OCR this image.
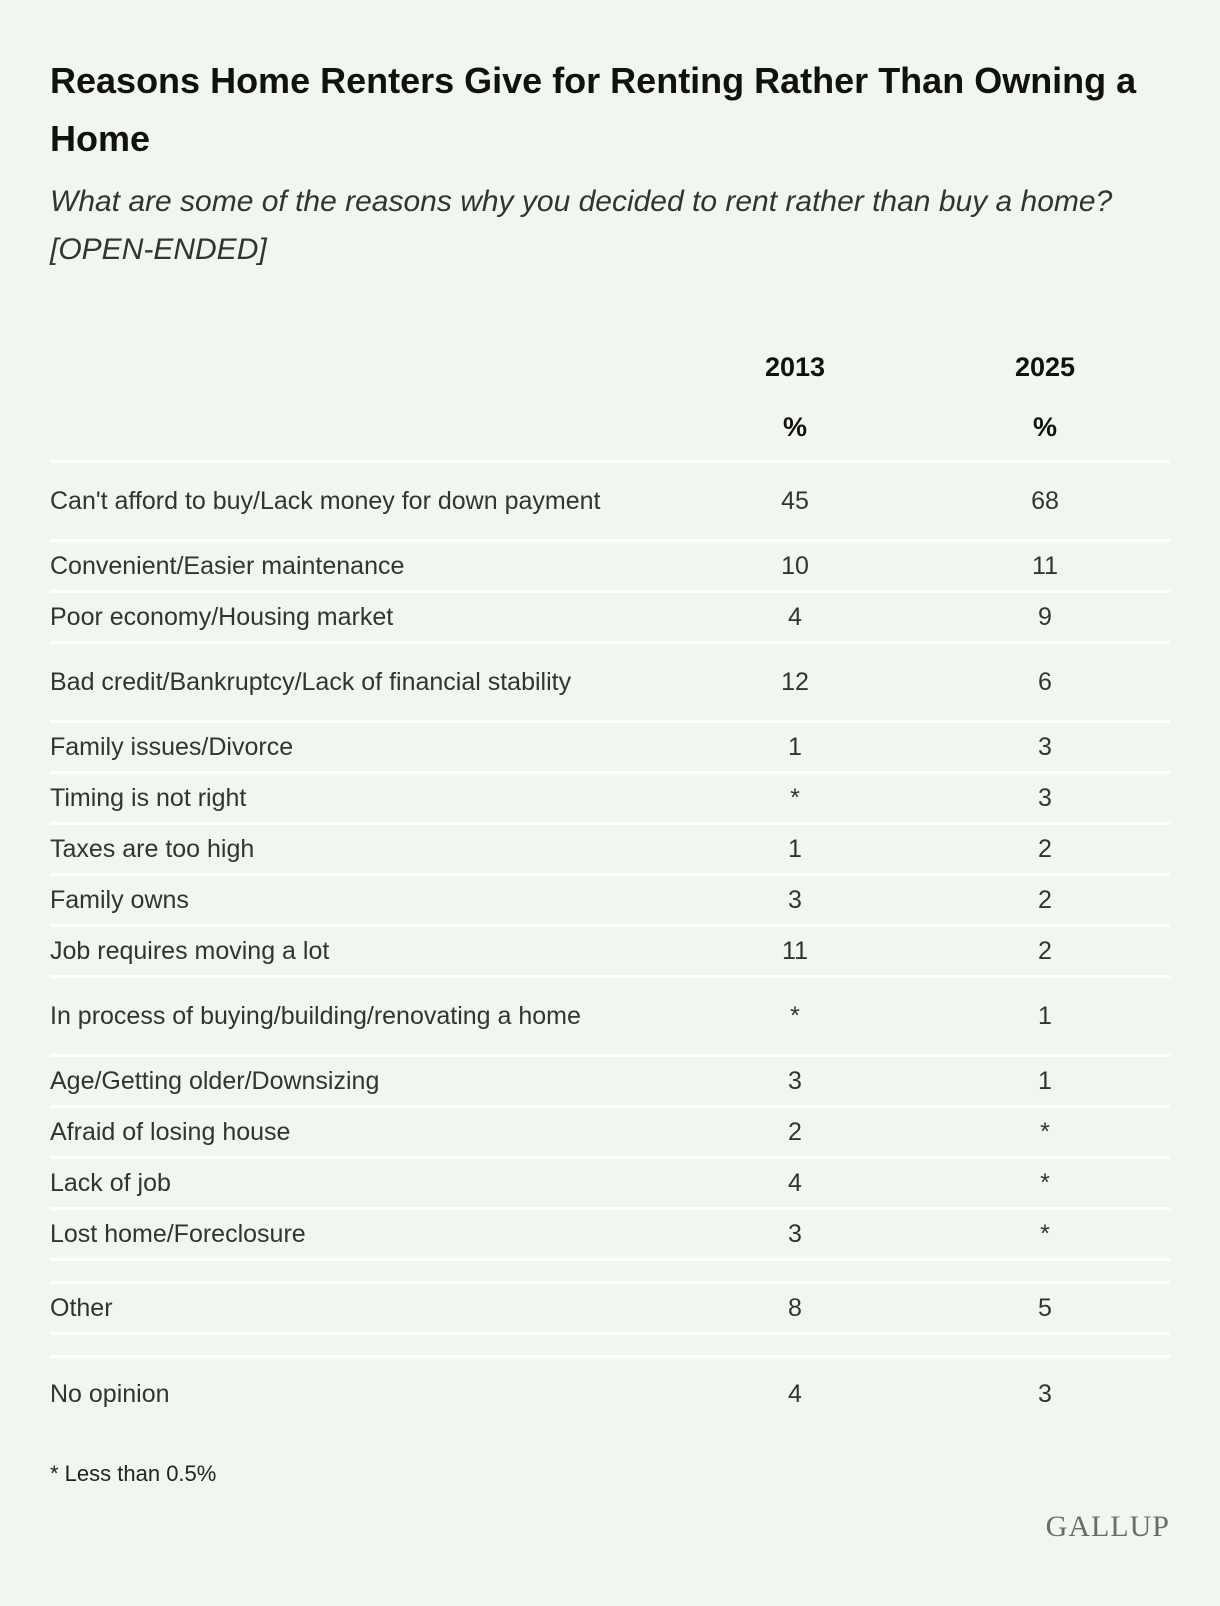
Reasons Home Renters Give for Renting Rather Than Owning a Home

What are some of the reasons why you decided to rent rather than buy a home? [OPEN-ENDED]

	2013	2025
	%	%
Can't afford to buy/Lack money for down payment	45	68
Convenient/Easier maintenance	10	11
Poor economy/Housing market	4	9
Bad credit/Bankruptcy/Lack of financial stability	12	6
Family issues/Divorce	1	3
Timing is not right	*	3
Taxes are too high	1	2
Family owns	3	2
Job requires moving a lot	11	2
In process of buying/building/renovating a home	*	1
Age/Getting older/Downsizing	3	1
Afraid of losing house	2	*
Lack of job	4	*
Lost home/Foreclosure	3	*

Other	8	5

No opinion	4	3

* Less than 0.5%

GALLUP
